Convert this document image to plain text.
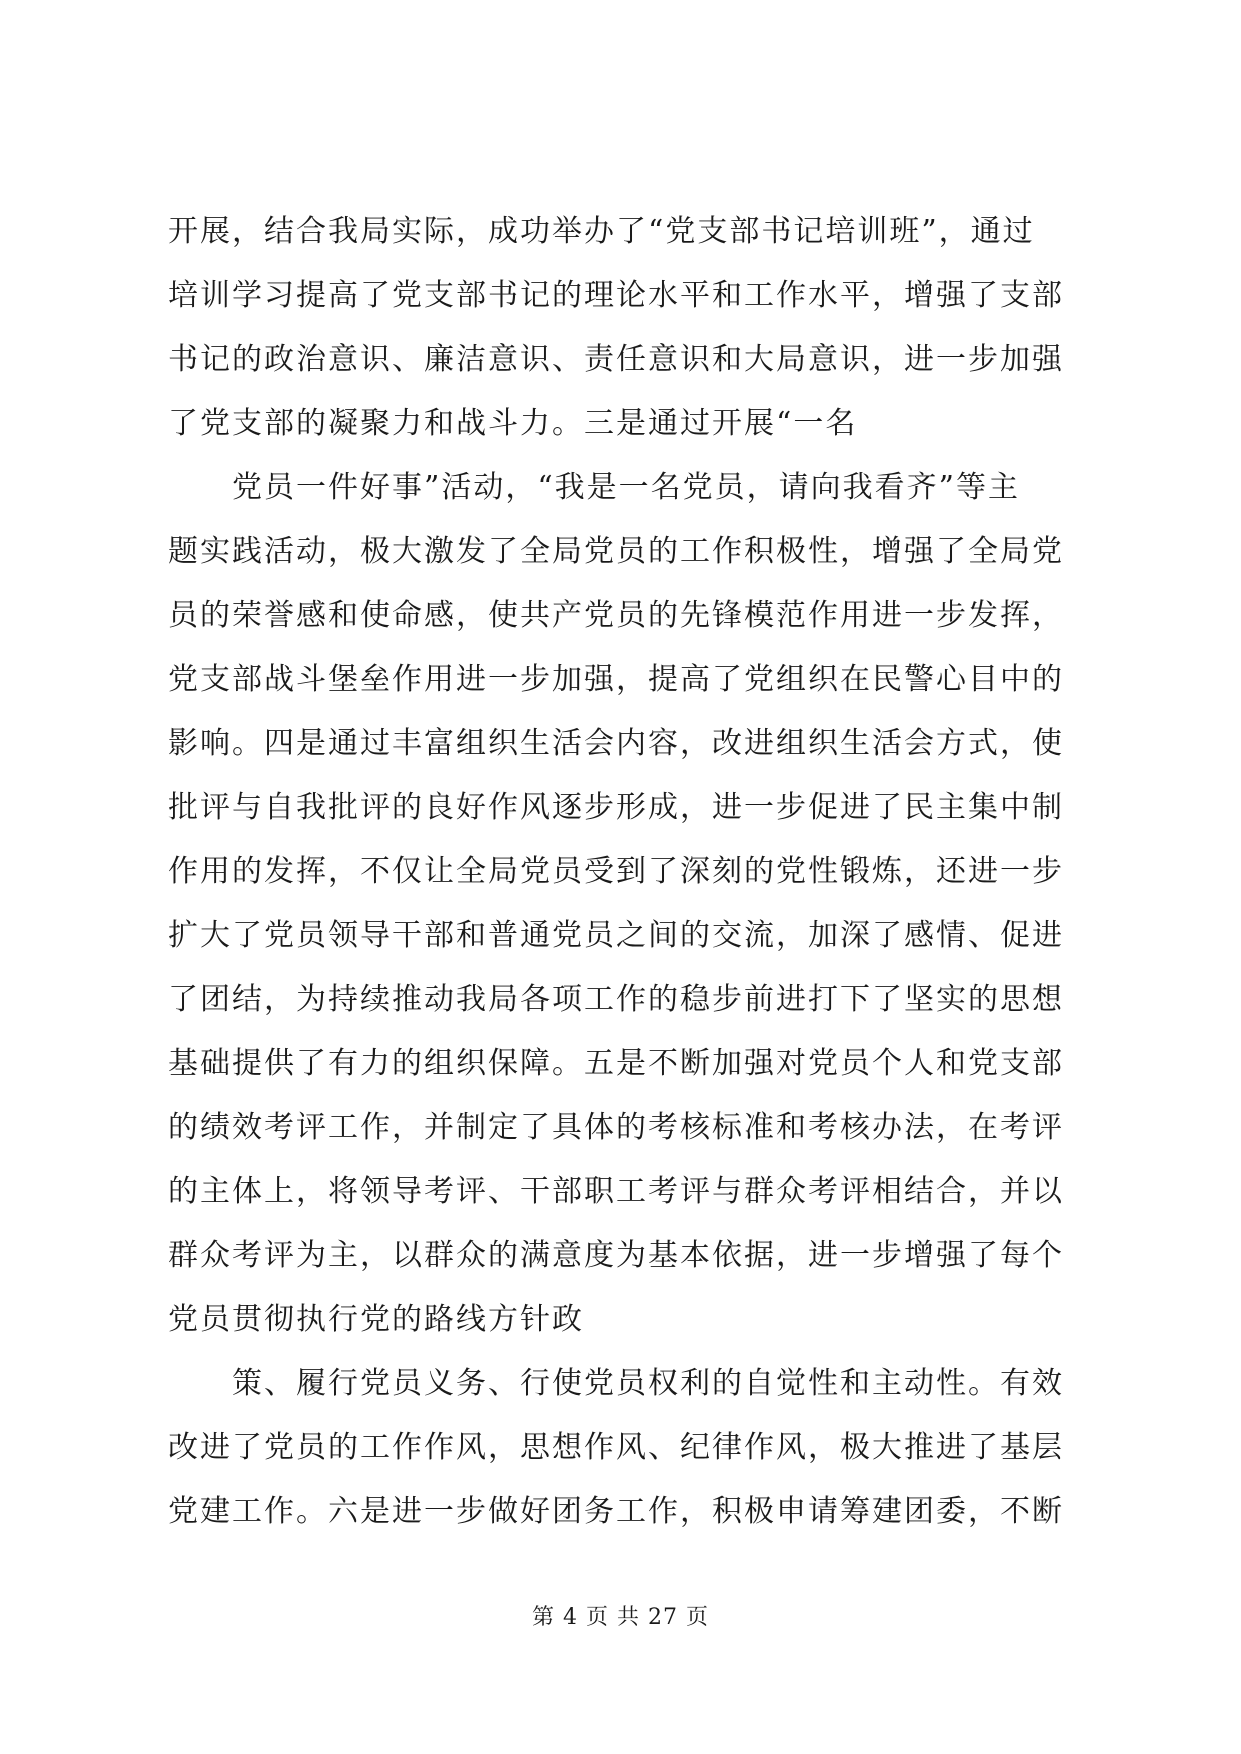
开展，结合我局实际，成功举办了“党支部书记培训班”，通过
培训学习提高了党支部书记的理论水平和工作水平，增强了支部
书记的政治意识、廉洁意识、责任意识和大局意识，进一步加强
了党支部的凝聚力和战斗力。三是通过开展“一名
党员一件好事”活动，“我是一名党员，请向我看齐”等主
题实践活动，极大激发了全局党员的工作积极性，增强了全局党
员的荣誉感和使命感，使共产党员的先锋模范作用进一步发挥，
党支部战斗堡垒作用进一步加强，提高了党组织在民警心目中的
影响。四是通过丰富组织生活会内容，改进组织生活会方式，使
批评与自我批评的良好作风逐步形成，进一步促进了民主集中制
作用的发挥，不仅让全局党员受到了深刻的党性锻炼，还进一步
扩大了党员领导干部和普通党员之间的交流，加深了感情、促进
了团结，为持续推动我局各项工作的稳步前进打下了坚实的思想
基础提供了有力的组织保障。五是不断加强对党员个人和党支部
的绩效考评工作，并制定了具体的考核标准和考核办法，在考评
的主体上，将领导考评、干部职工考评与群众考评相结合，并以
群众考评为主，以群众的满意度为基本依据，进一步增强了每个
党员贯彻执行党的路线方针政
策、履行党员义务、行使党员权利的自觉性和主动性。有效
改进了党员的工作作风，思想作风、纪律作风，极大推进了基层
党建工作。六是进一步做好团务工作，积极申请筹建团委，不断
第 4 页 共 27 页
